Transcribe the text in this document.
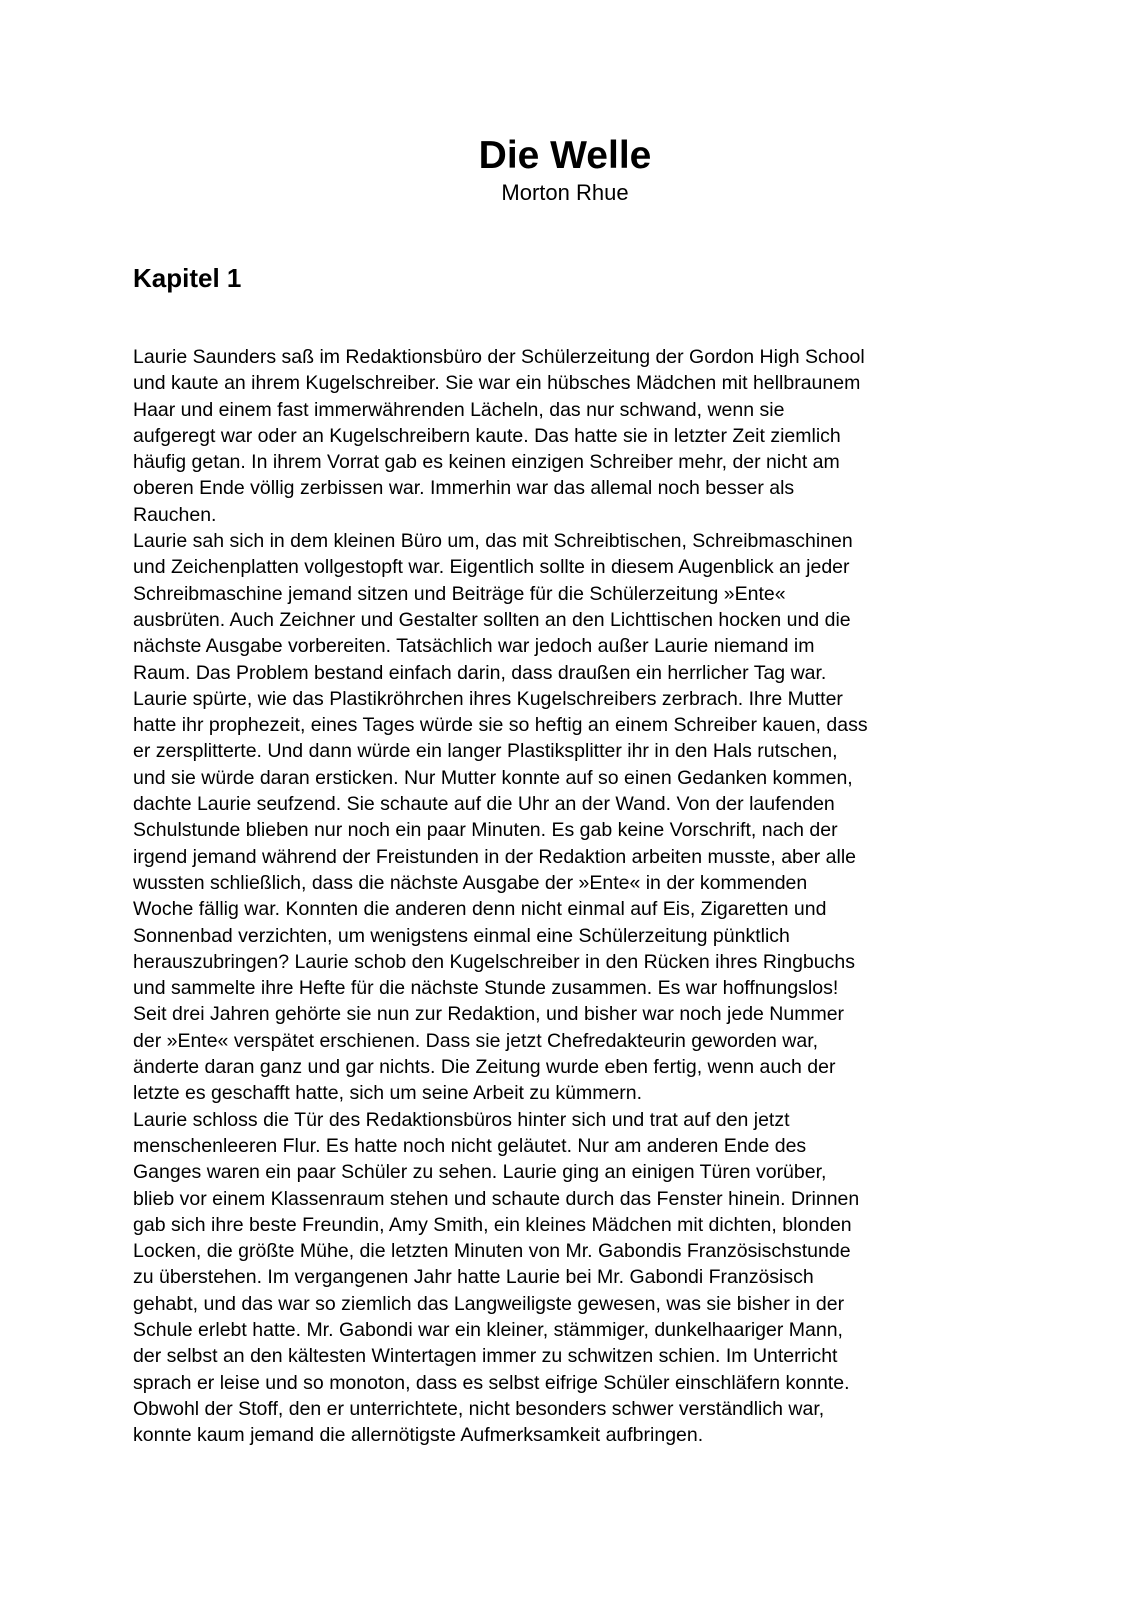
Die Welle
Morton Rhue
Kapitel 1
Laurie Saunders saß im Redaktionsbüro der Schülerzeitung der Gordon High School
und kaute an ihrem Kugelschreiber. Sie war ein hübsches Mädchen mit hellbraunem
Haar und einem fast immerwährenden Lächeln, das nur schwand, wenn sie
aufgeregt war oder an Kugelschreibern kaute. Das hatte sie in letzter Zeit ziemlich
häufig getan. In ihrem Vorrat gab es keinen einzigen Schreiber mehr, der nicht am
oberen Ende völlig zerbissen war. Immerhin war das allemal noch besser als
Rauchen.
Laurie sah sich in dem kleinen Büro um, das mit Schreibtischen, Schreibmaschinen
und Zeichenplatten vollgestopft war. Eigentlich sollte in diesem Augenblick an jeder
Schreibmaschine jemand sitzen und Beiträge für die Schülerzeitung »Ente«
ausbrüten. Auch Zeichner und Gestalter sollten an den Lichttischen hocken und die
nächste Ausgabe vorbereiten. Tatsächlich war jedoch außer Laurie niemand im
Raum. Das Problem bestand einfach darin, dass draußen ein herrlicher Tag war.
Laurie spürte, wie das Plastikröhrchen ihres Kugelschreibers zerbrach. Ihre Mutter
hatte ihr prophezeit, eines Tages würde sie so heftig an einem Schreiber kauen, dass
er zersplitterte. Und dann würde ein langer Plastiksplitter ihr in den Hals rutschen,
und sie würde daran ersticken. Nur Mutter konnte auf so einen Gedanken kommen,
dachte Laurie seufzend. Sie schaute auf die Uhr an der Wand. Von der laufenden
Schulstunde blieben nur noch ein paar Minuten. Es gab keine Vorschrift, nach der
irgend jemand während der Freistunden in der Redaktion arbeiten musste, aber alle
wussten schließlich, dass die nächste Ausgabe der »Ente« in der kommenden
Woche fällig war. Konnten die anderen denn nicht einmal auf Eis, Zigaretten und
Sonnenbad verzichten, um wenigstens einmal eine Schülerzeitung pünktlich
herauszubringen? Laurie schob den Kugelschreiber in den Rücken ihres Ringbuchs
und sammelte ihre Hefte für die nächste Stunde zusammen. Es war hoffnungslos!
Seit drei Jahren gehörte sie nun zur Redaktion, und bisher war noch jede Nummer
der »Ente« verspätet erschienen. Dass sie jetzt Chefredakteurin geworden war,
änderte daran ganz und gar nichts. Die Zeitung wurde eben fertig, wenn auch der
letzte es geschafft hatte, sich um seine Arbeit zu kümmern.
Laurie schloss die Tür des Redaktionsbüros hinter sich und trat auf den jetzt
menschenleeren Flur. Es hatte noch nicht geläutet. Nur am anderen Ende des
Ganges waren ein paar Schüler zu sehen. Laurie ging an einigen Türen vorüber,
blieb vor einem Klassenraum stehen und schaute durch das Fenster hinein. Drinnen
gab sich ihre beste Freundin, Amy Smith, ein kleines Mädchen mit dichten, blonden
Locken, die größte Mühe, die letzten Minuten von Mr. Gabondis Französischstunde
zu überstehen. Im vergangenen Jahr hatte Laurie bei Mr. Gabondi Französisch
gehabt, und das war so ziemlich das Langweiligste gewesen, was sie bisher in der
Schule erlebt hatte. Mr. Gabondi war ein kleiner, stämmiger, dunkelhaariger Mann,
der selbst an den kältesten Wintertagen immer zu schwitzen schien. Im Unterricht
sprach er leise und so monoton, dass es selbst eifrige Schüler einschläfern konnte.
Obwohl der Stoff, den er unterrichtete, nicht besonders schwer verständlich war,
konnte kaum jemand die allernötigste Aufmerksamkeit aufbringen.
